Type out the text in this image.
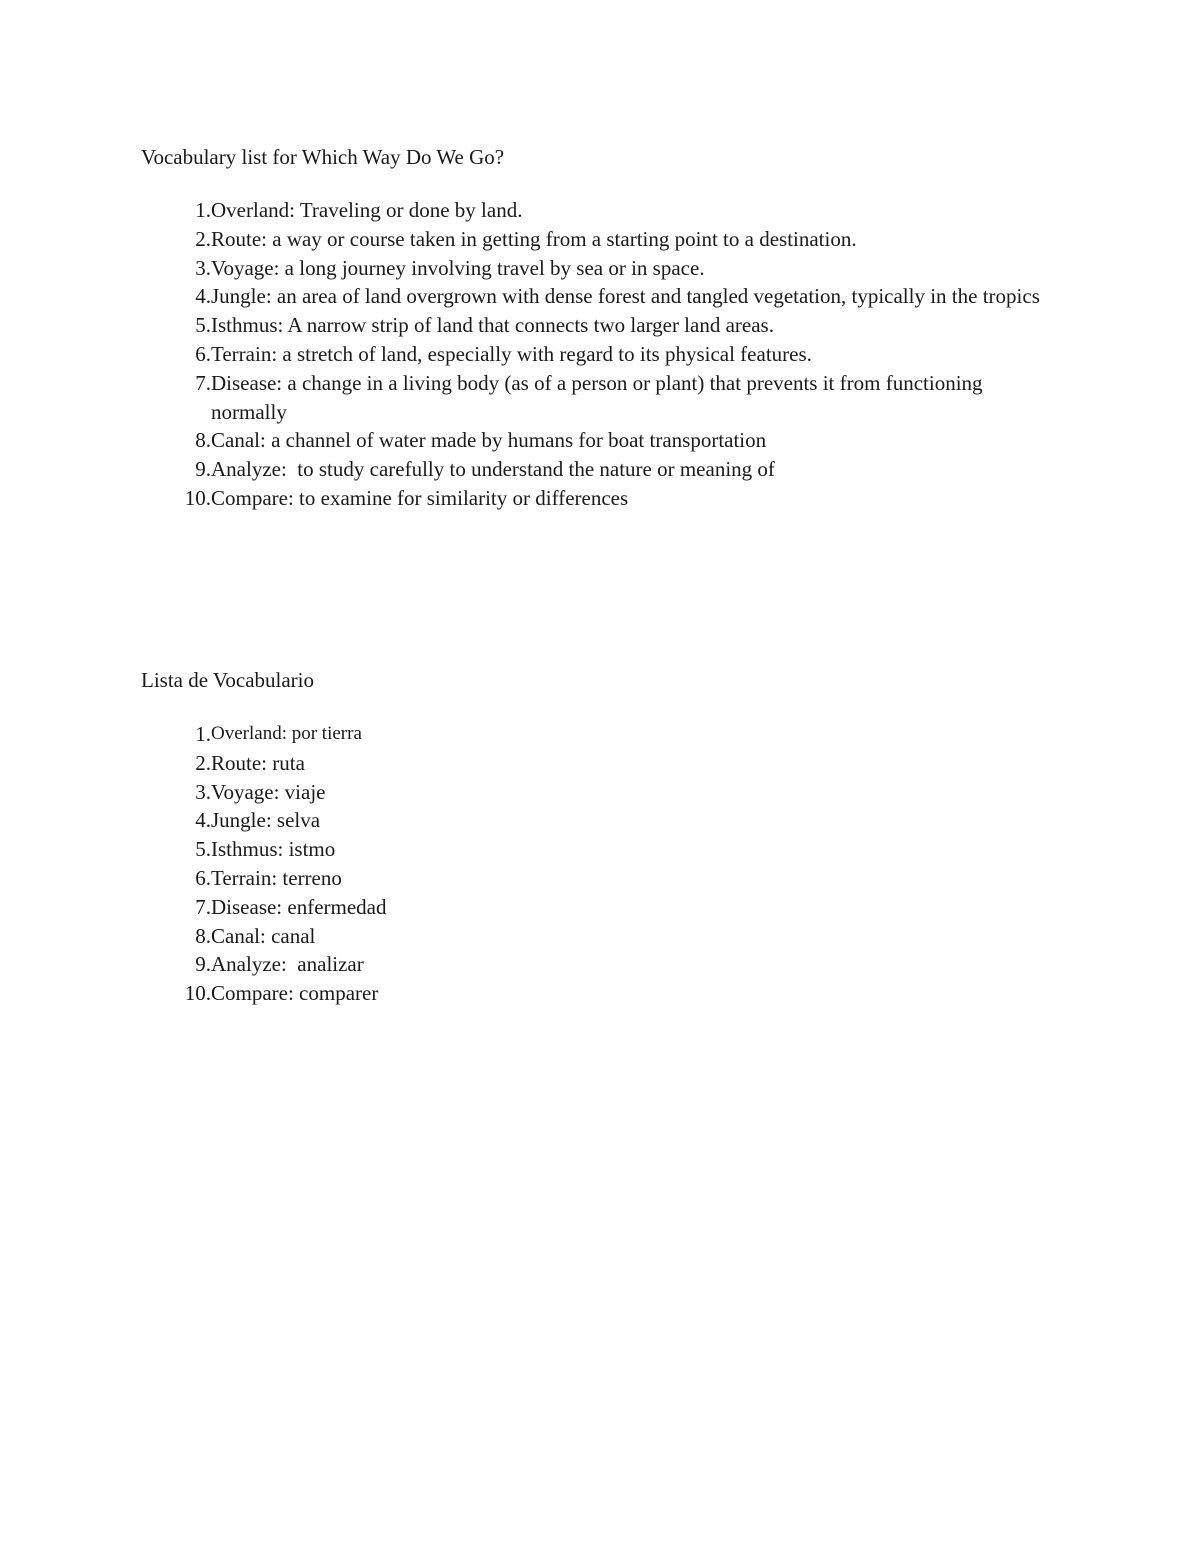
Vocabulary list for Which Way Do We Go?
1. Overland: Traveling or done by land.
2. Route: a way or course taken in getting from a starting point to a destination.
3. Voyage: a long journey involving travel by sea or in space.
4. Jungle: an area of land overgrown with dense forest and tangled vegetation, typically in the tropics
5. Isthmus: A narrow strip of land that connects two larger land areas.
6. Terrain: a stretch of land, especially with regard to its physical features.
7. Disease: a change in a living body (as of a person or plant) that prevents it from functioning normally
8. Canal: a channel of water made by humans for boat transportation
9. Analyze:  to study carefully to understand the nature or meaning of
10. Compare: to examine for similarity or differences
Lista de Vocabulario
1. Overland: por tierra
2. Route: ruta
3. Voyage: viaje
4. Jungle: selva
5. Isthmus: istmo
6. Terrain: terreno
7. Disease: enfermedad
8. Canal: canal
9. Analyze:  analizar
10. Compare: comparer
